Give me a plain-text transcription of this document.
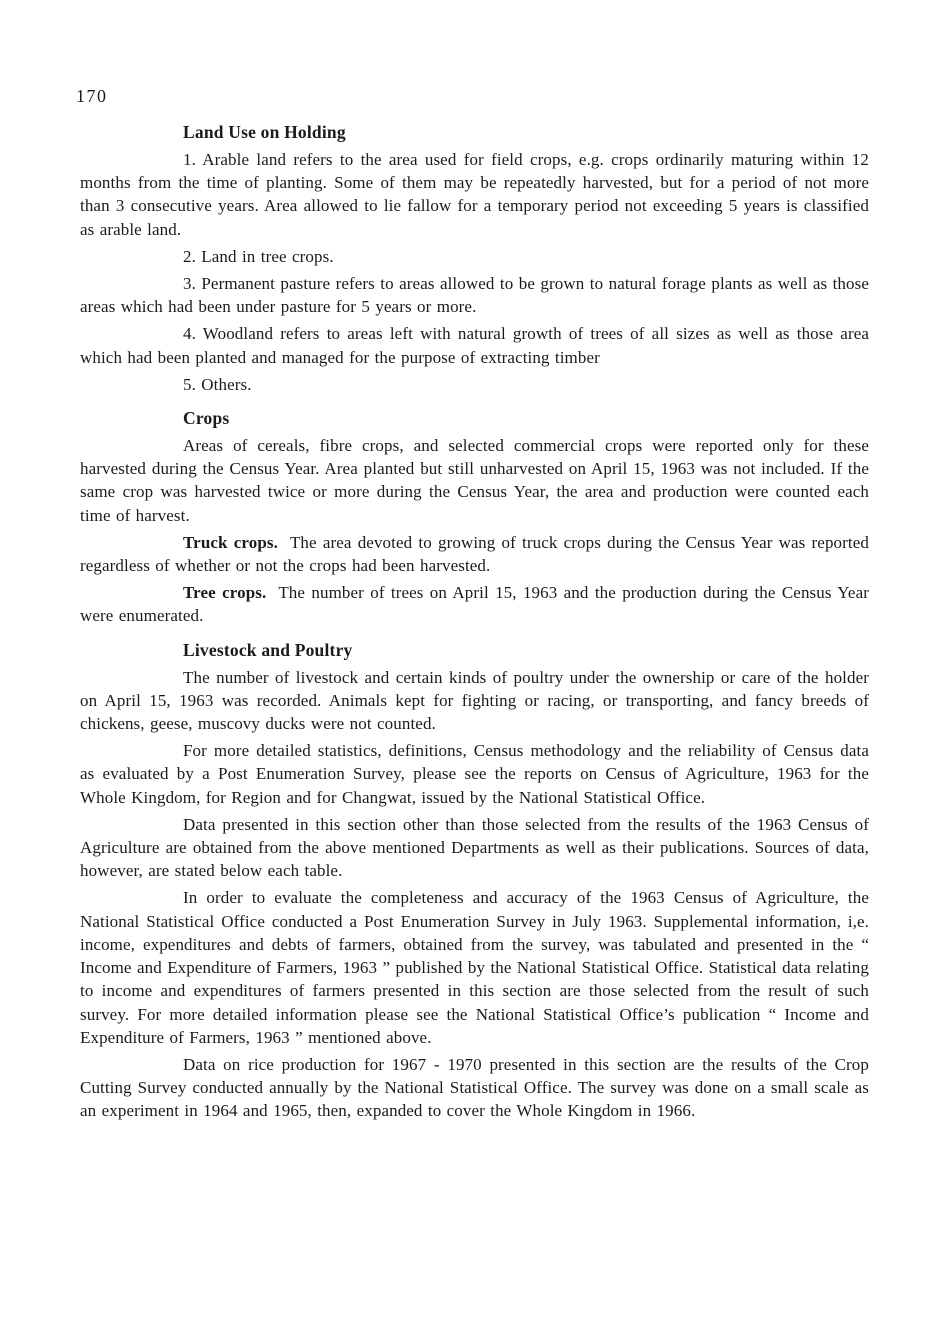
170
Land Use on Holding

1. Arable land refers to the area used for field crops, e.g. crops ordinarily maturing within 12 months from the time of planting. Some of them may be repeatedly harvested, but for a period of not more than 3 consecutive years. Area allowed to lie fallow for a temporary period not exceeding 5 years is classified as arable land.

2. Land in tree crops.

3. Permanent pasture refers to areas allowed to be grown to natural forage plants as well as those areas which had been under pasture for 5 years or more.

4. Woodland refers to areas left with natural growth of trees of all sizes as well as those area which had been planted and managed for the purpose of extracting timber

5. Others.

Crops

Areas of cereals, fibre crops, and selected commercial crops were reported only for these harvested during the Census Year. Area planted but still unharvested on April 15, 1963 was not included. If the same crop was harvested twice or more during the Census Year, the area and production were counted each time of harvest.

Truck crops. The area devoted to growing of truck crops during the Census Year was reported regardless of whether or not the crops had been harvested.

Tree crops. The number of trees on April 15, 1963 and the production during the Census Year were enumerated.

Livestock and Poultry

The number of livestock and certain kinds of poultry under the ownership or care of the holder on April 15, 1963 was recorded. Animals kept for fighting or racing, or transporting, and fancy breeds of chickens, geese, muscovy ducks were not counted.

For more detailed statistics, definitions, Census methodology and the reliability of Census data as evaluated by a Post Enumeration Survey, please see the reports on Census of Agriculture, 1963 for the Whole Kingdom, for Region and for Changwat, issued by the National Statistical Office.

Data presented in this section other than those selected from the results of the 1963 Census of Agriculture are obtained from the above mentioned Departments as well as their publications. Sources of data, however, are stated below each table.

In order to evaluate the completeness and accuracy of the 1963 Census of Agriculture, the National Statistical Office conducted a Post Enumeration Survey in July 1963. Supplemental information, i,e. income, expenditures and debts of farmers, obtained from the survey, was tabulated and presented in the “ Income and Expenditure of Farmers, 1963 ” published by the National Statistical Office. Statistical data relating to income and expenditures of farmers presented in this section are those selected from the result of such survey. For more detailed information please see the National Statistical Office’s publication “ Income and Expenditure of Farmers, 1963 ” mentioned above.

Data on rice production for 1967 - 1970 presented in this section are the results of the Crop Cutting Survey conducted annually by the National Statistical Office. The survey was done on a small scale as an experiment in 1964 and 1965, then, expanded to cover the Whole Kingdom in 1966.
